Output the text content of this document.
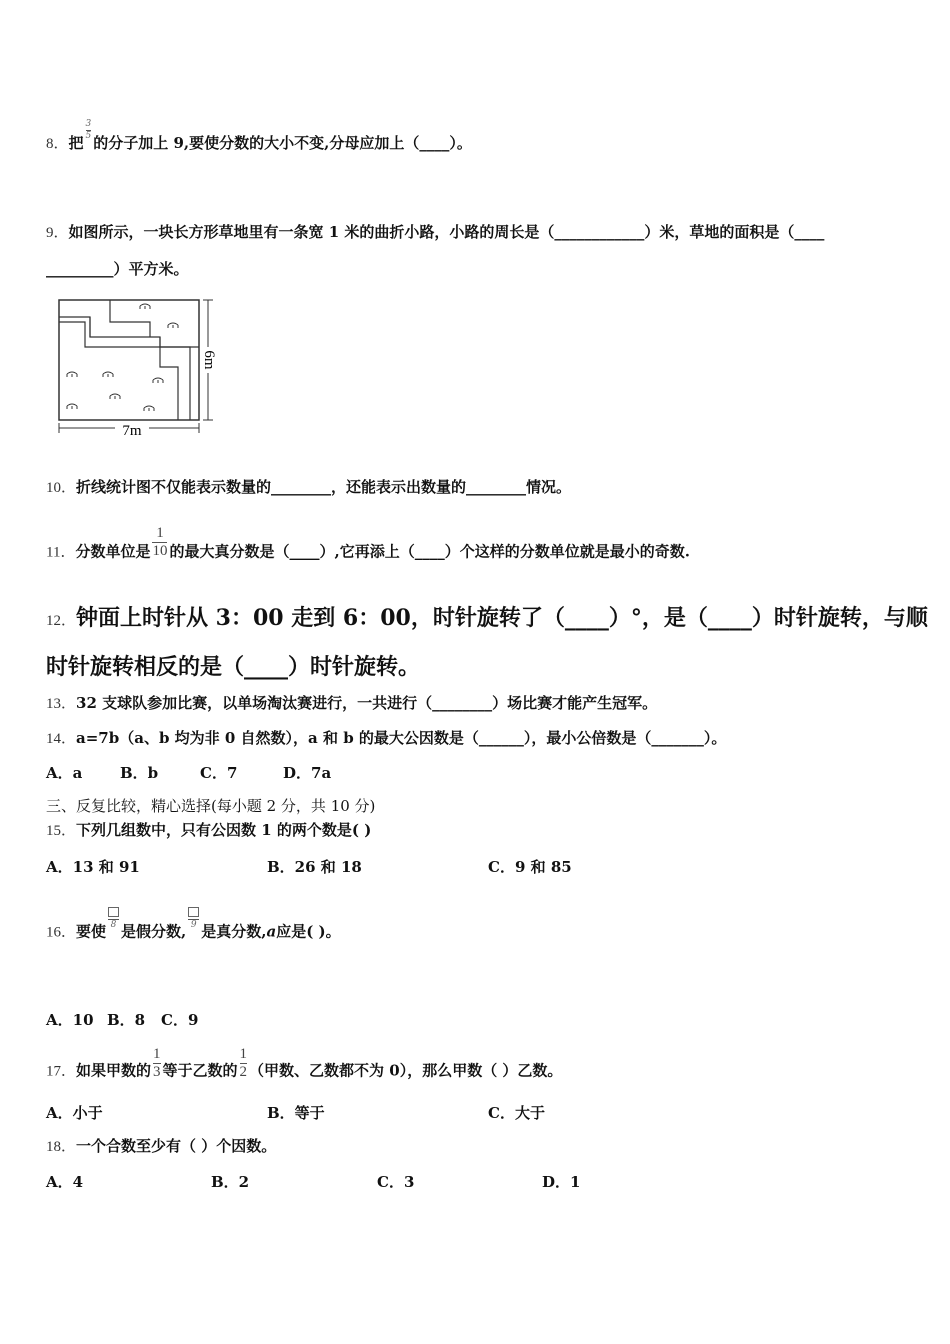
8．把
$\frac{3}{5}$
的分子加上 9,要使分数的大小不变,分母应加上（____）。
9．如图所示，一块长方形草地里有一条宽 1 米的曲折小路，小路的周长是（____________）米，草地的面积是（____
_________）平方米。
7m
6m
10．折线统计图不仅能表示数量的________，还能表示出数量的________情况。
11．分数单位是 $\frac{1}{10}$ 的最大真分数是（____）,它再添上（____）个这样的分数单位就是最小的奇数.
12．钟面上时针从 3：00 走到 6：00，时针旋转了（____）°，是（____）时针旋转，与顺
时针旋转相反的是（____）时针旋转。
13．32 支球队参加比赛，以单场淘汰赛进行，一共进行（________）场比赛才能产生冠军。
14．a=7b（a、b 均为非 0 自然数），a 和 b 的最大公因数是（______），最小公倍数是（_______）。
A．a	B．b	C．7	D．7a
三、反复比较，精心选择(每小题 2 分，共 10 分)
15．下列几组数中，只有公因数 1 的两个数是( )
A．13 和 91	B．26 和 18	C．9 和 85
16．要使 8 是假分数, 9 是真分数,a应是( )。
A．10 B．8 C．9
17．如果甲数的 $\frac{1}{3}$ 等于乙数的 $\frac{1}{2}$ （甲数、乙数都不为 0），那么甲数（ ）乙数。
A．小于	B．等于	C．大于
18．一个合数至少有（ ）个因数。
A．4	B．2	C．3	D．1
